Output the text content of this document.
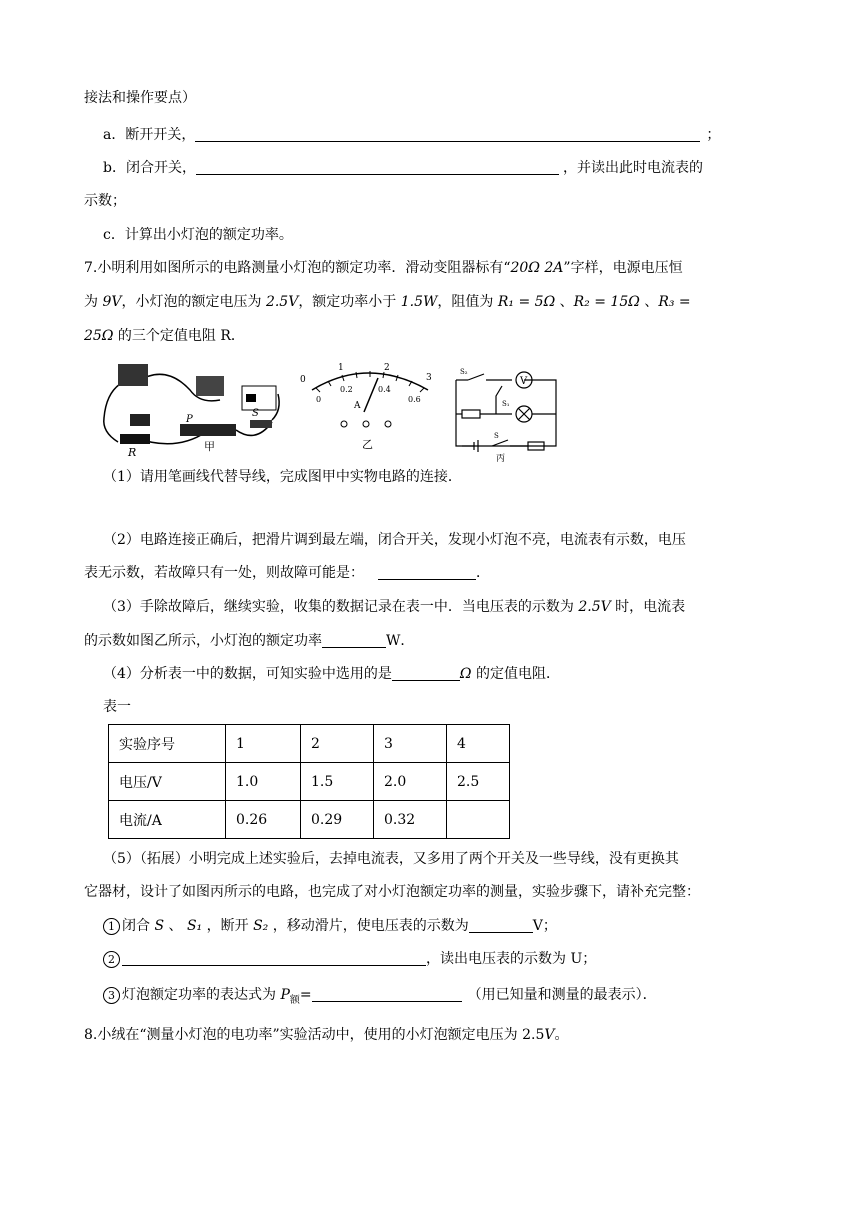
接法和操作要点）
a．断开开关，	；
b．闭合开关，	，并读出此时电流表的
示数；
c．计算出小灯泡的额定功率。
7.小明利用如图所示的电路测量小灯泡的额定功率．滑动变阻器标有“20Ω 2A”字样，电源电压恒
为 9V，小灯泡的额定电压为 2.5V，额定功率小于 1.5W，阻值为 R₁ = 5Ω 、R₂ = 15Ω 、R₃ =
25Ω 的三个定值电阻 R．
R
P
S
甲
0
1	2
3
0
0.2	0.4
0.6
A
乙
V
S₂
S₁
S
丙
（1）请用笔画线代替导线，完成图甲中实物电路的连接．
（2）电路连接正确后，把滑片调到最左端，闭合开关，发现小灯泡不亮，电流表有示数，电压
表无示数，若故障只有一处，则故障可能是：	．
（3）手除故障后，继续实验，收集的数据记录在表一中．当电压表的示数为 2.5V 时，电流表
的示数如图乙所示，小灯泡的额定功率	W．
（4）分析表一中的数据，可知实验中选用的是	Ω 的定值电阻．
表一
实验序号	1	2	3	4
电压/V	1.0	1.5	2.0	2.5
电流/A	0.26	0.29	0.32	
（5）（拓展）小明完成上述实验后，去掉电流表，又多用了两个开关及一些导线，没有更换其
它器材，设计了如图丙所示的电路，也完成了对小灯泡额定功率的测量，实验步骤下，请补充完整：
1 闭合 S 、 S₁ ，断开 S₂ ，移动滑片，使电压表的示数为	V；
2	，读出电压表的示数为 U；
3 灯泡额定功率的表达式为 $P_额=$	（用已知量和测量的最表示）．
8.小绒在“测量小灯泡的电功率”实验活动中，使用的小灯泡额定电压为 2.5V。
